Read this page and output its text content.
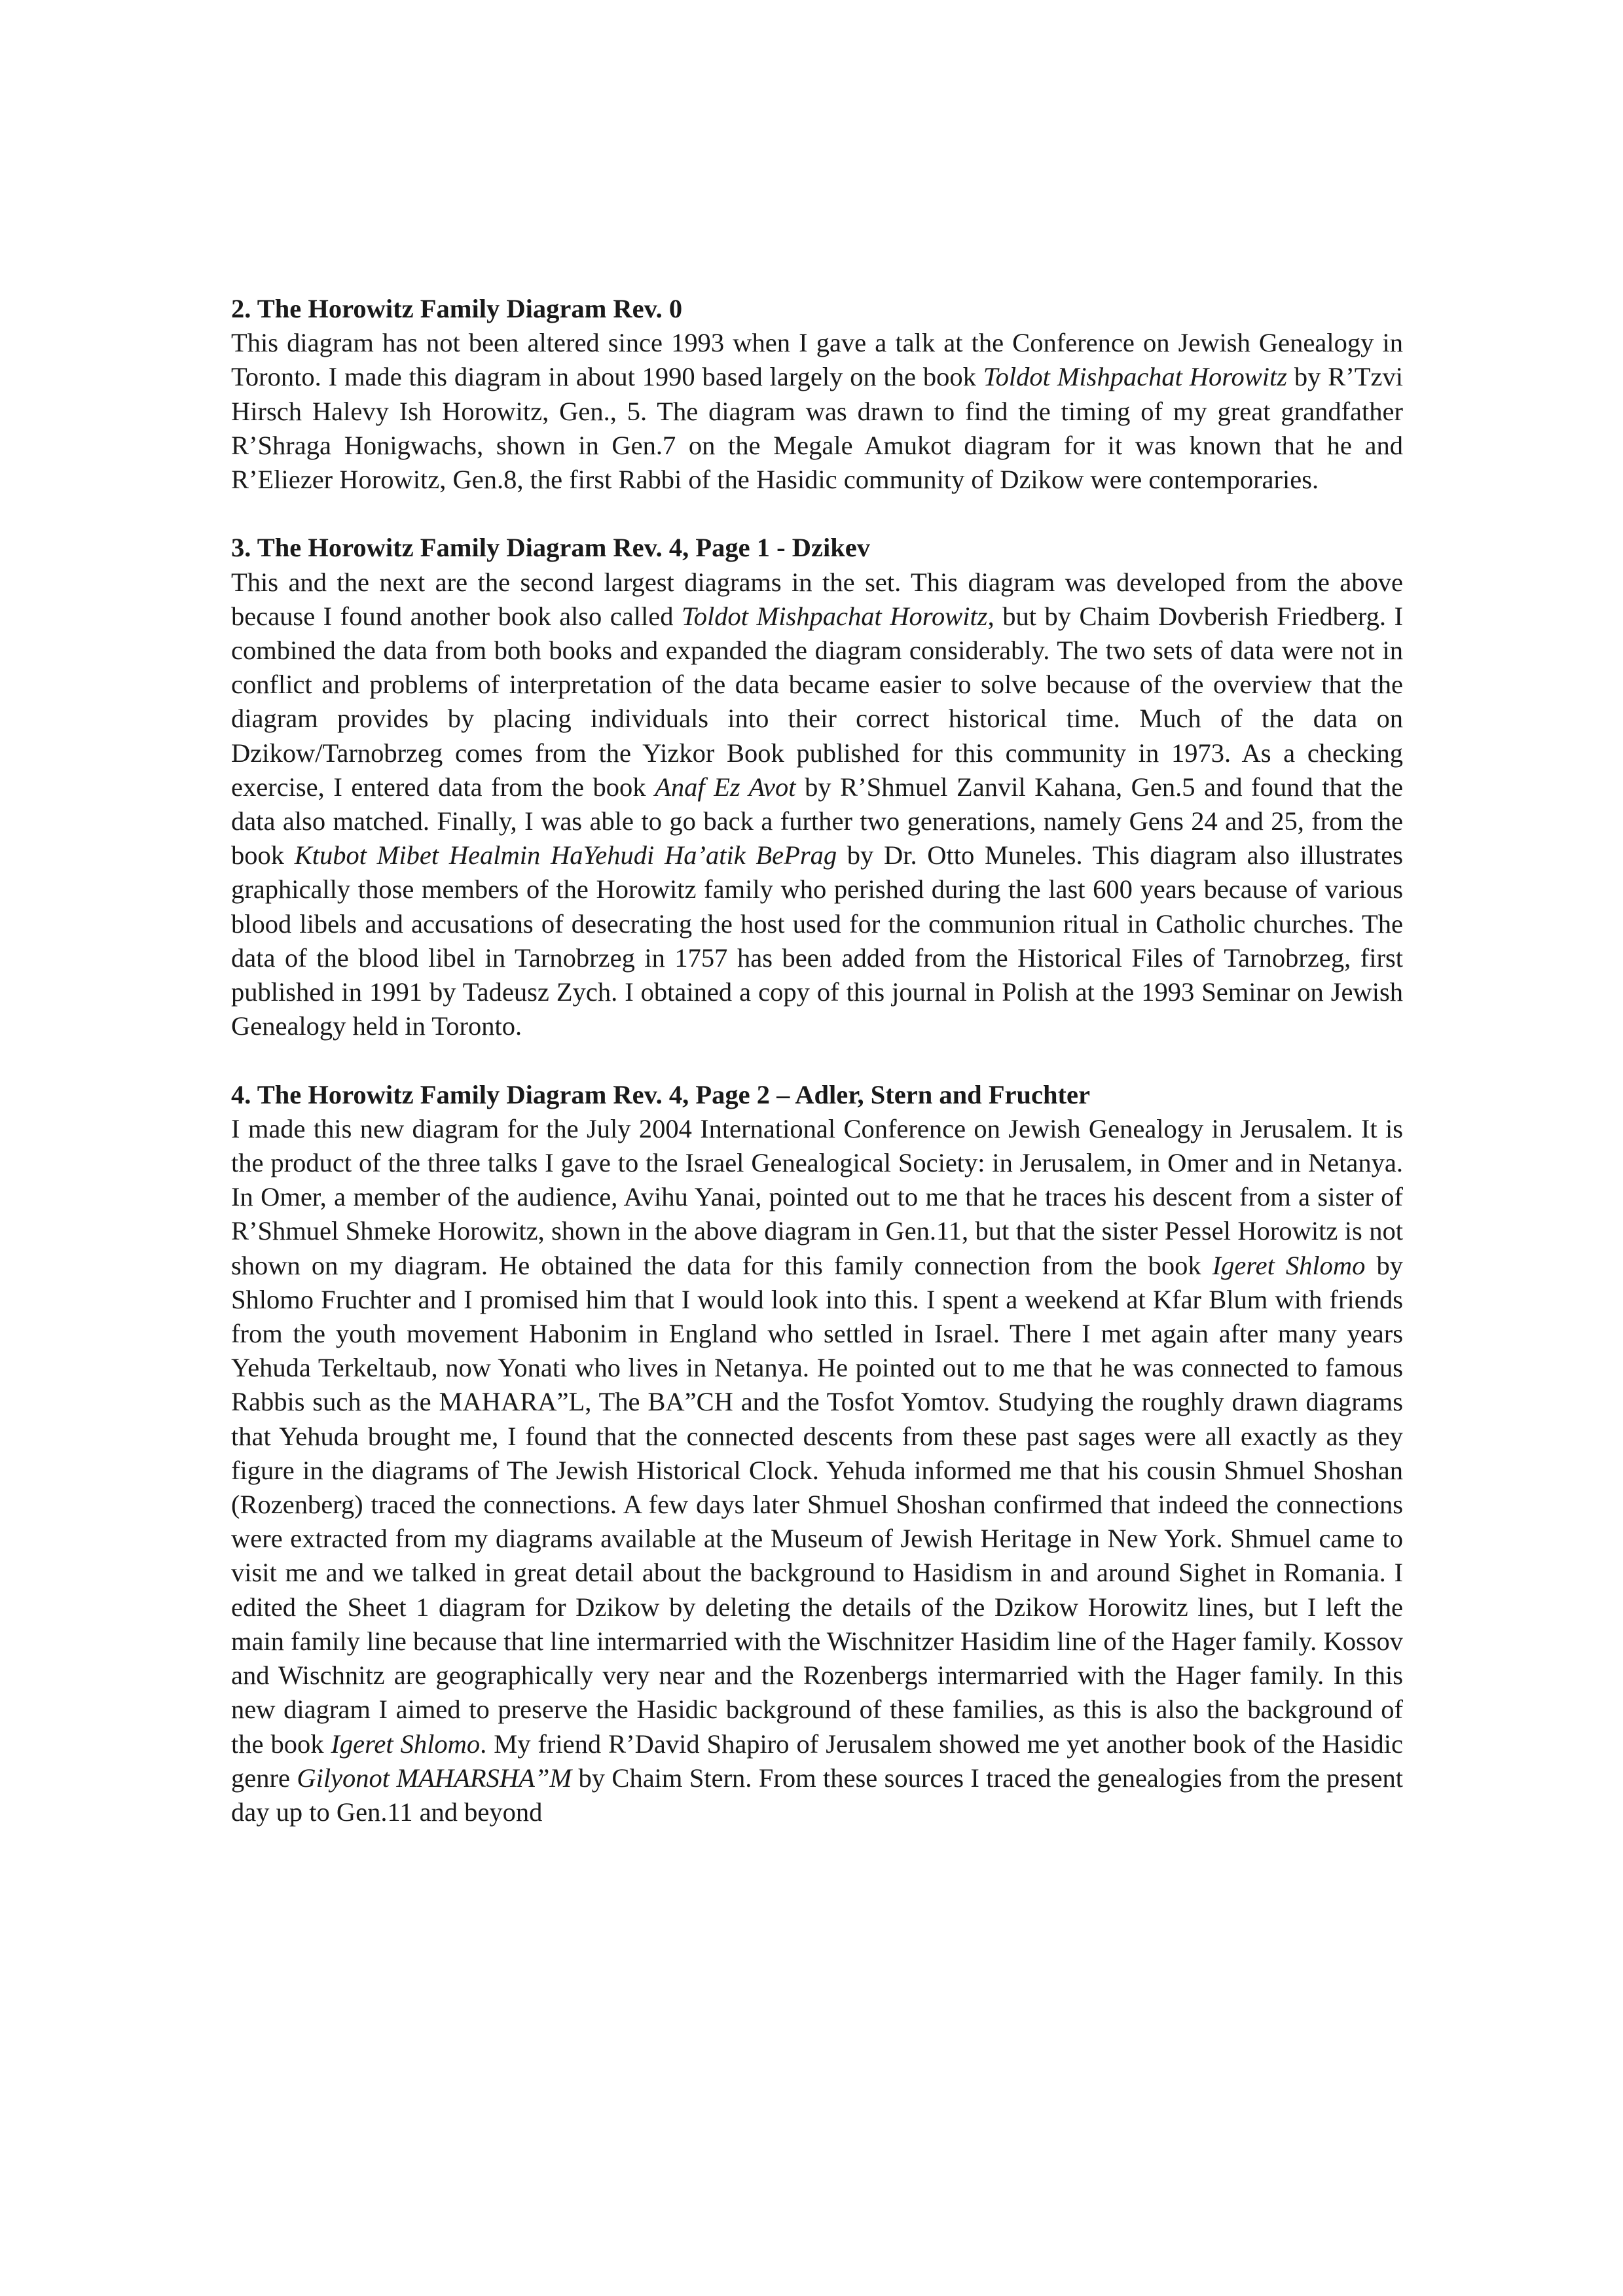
2. The Horowitz Family Diagram Rev. 0

This diagram has not been altered since 1993 when I gave a talk at the Conference on Jewish Genealogy in Toronto. I made this diagram in about 1990 based largely on the book Toldot Mishpachat Horowitz by R’Tzvi Hirsch Halevy Ish Horowitz, Gen., 5. The diagram was drawn to find the timing of my great grandfather R’Shraga Honigwachs, shown in Gen.7 on the Megale Amukot diagram for it was known that he and R’Eliezer Horowitz, Gen.8, the first Rabbi of the Hasidic community of Dzikow were contemporaries.

3. The Horowitz Family Diagram Rev. 4, Page 1 - Dzikev

This and the next are the second largest diagrams in the set. This diagram was developed from the above because I found another book also called Toldot Mishpachat Horowitz, but by Chaim Dovberish Friedberg. I combined the data from both books and expanded the diagram considerably. The two sets of data were not in conflict and problems of interpretation of the data became easier to solve because of the overview that the diagram provides by placing individuals into their correct historical time. Much of the data on Dzikow/Tarnobrzeg comes from the Yizkor Book published for this community in 1973. As a checking exercise, I entered data from the book Anaf Ez Avot by R’Shmuel Zanvil Kahana, Gen.5 and found that the data also matched. Finally, I was able to go back a further two generations, namely Gens 24 and 25, from the book Ktubot Mibet Healmin HaYehudi Ha’atik BePrag by Dr. Otto Muneles. This diagram also illustrates graphically those members of the Horowitz family who perished during the last 600 years because of various blood libels and accusations of desecrating the host used for the communion ritual in Catholic churches. The data of the blood libel in Tarnobrzeg in 1757 has been added from the Historical Files of Tarnobrzeg, first published in 1991 by Tadeusz Zych. I obtained a copy of this journal in Polish at the 1993 Seminar on Jewish Genealogy held in Toronto.

4. The Horowitz Family Diagram Rev. 4, Page 2 – Adler, Stern and Fruchter

I made this new diagram for the July 2004 International Conference on Jewish Genealogy in Jerusalem. It is the product of the three talks I gave to the Israel Genealogical Society: in Jerusalem, in Omer and in Netanya. In Omer, a member of the audience, Avihu Yanai, pointed out to me that he traces his descent from a sister of R’Shmuel Shmeke Horowitz, shown in the above diagram in Gen.11, but that the sister Pessel Horowitz is not shown on my diagram. He obtained the data for this family connection from the book Igeret Shlomo by Shlomo Fruchter and I promised him that I would look into this. I spent a weekend at Kfar Blum with friends from the youth movement Habonim in England who settled in Israel. There I met again after many years Yehuda Terkeltaub, now Yonati who lives in Netanya. He pointed out to me that he was connected to famous Rabbis such as the MAHARA”L, The BA”CH and the Tosfot Yomtov. Studying the roughly drawn diagrams that Yehuda brought me, I found that the connected descents from these past sages were all exactly as they figure in the diagrams of The Jewish Historical Clock. Yehuda informed me that his cousin Shmuel Shoshan (Rozenberg) traced the connections. A few days later Shmuel Shoshan confirmed that indeed the connections were extracted from my diagrams available at the Museum of Jewish Heritage in New York. Shmuel came to visit me and we talked in great detail about the background to Hasidism in and around Sighet in Romania. I edited the Sheet 1 diagram for Dzikow by deleting the details of the Dzikow Horowitz lines, but I left the main family line because that line intermarried with the Wischnitzer Hasidim line of the Hager family. Kossov and Wischnitz are geographically very near and the Rozenbergs intermarried with the Hager family. In this new diagram I aimed to preserve the Hasidic background of these families, as this is also the background of the book Igeret Shlomo. My friend R’David Shapiro of Jerusalem showed me yet another book of the Hasidic genre Gilyonot MAHARSHA”M by Chaim Stern. From these sources I traced the genealogies from the present day up to Gen.11 and beyond
